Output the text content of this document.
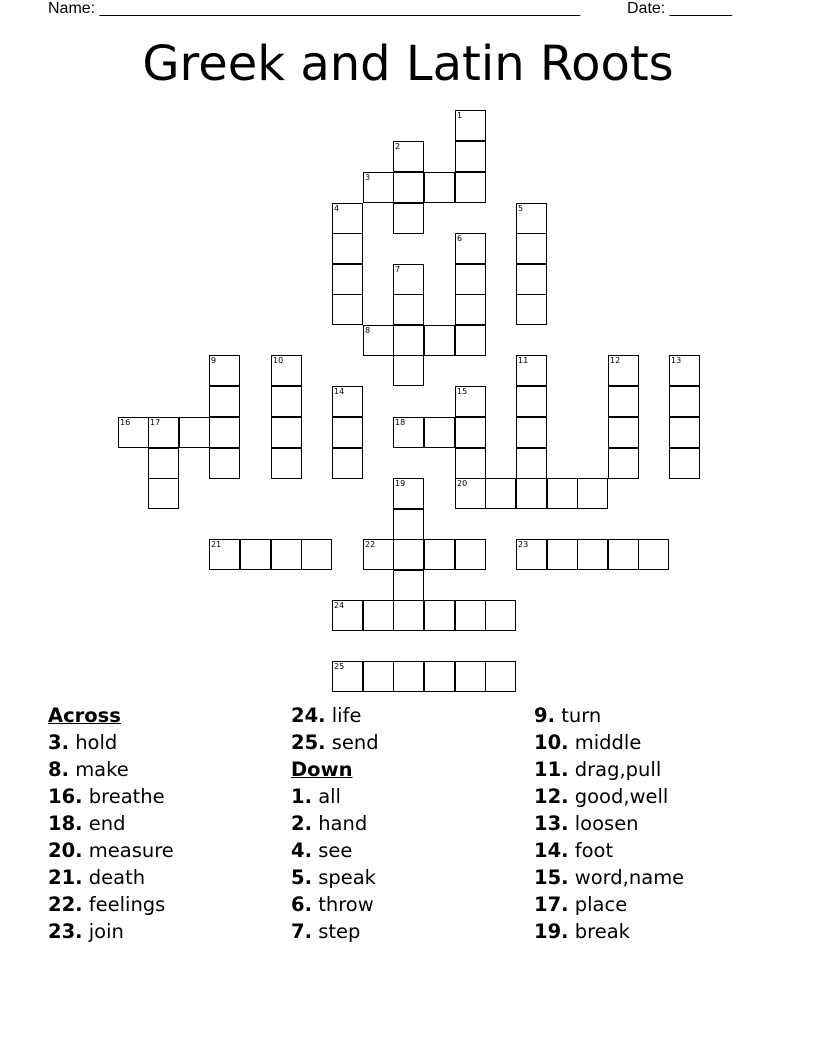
Name: ______________________________________________________	Date: _______
Greek and Latin Roots
1
2
3
4	5
6
7
8
9	10
14	15
20
11	12	13
16 17	18
19
21	22	23
24
25
Across
3. hold
8. make
16. breathe
18. end
20. measure
21. death
22. feelings
23. join
24. life
25. send
Down
1. all
2. hand
4. see
5. speak
6. throw
7. step
9. turn
10. middle
11. drag,pull
12. good,well
13. loosen
14. foot
15. word,name
17. place
19. break
